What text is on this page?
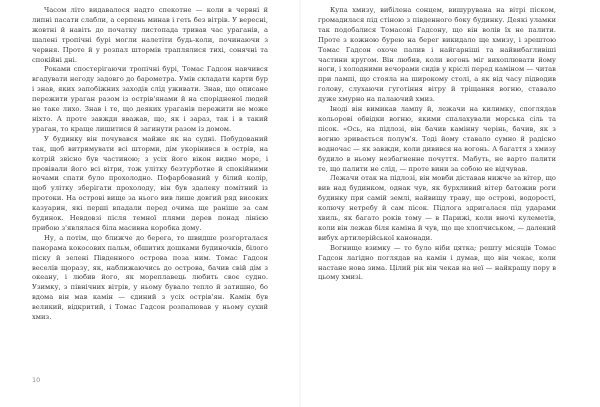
Часом літо видавалося надто спекотне — коли в червні й липні пасати слабли, а серпень минав і геть без вітрів. У вересні, жовтні й навіть до початку листопада тривав час ураганів, а шалені тропічні бурі могли налетіти будь-коли, починаючи з червня. Проте й у розпал штормів траплялися тихі, сонячні та спокійні дні.

Роками спостерігаючи тропічні бурі, Томас Гадсон навчився вгадувати негоду задовго до барометра. Умів складати карти бур і знав, яких запобіжних заходів слід уживати. Знав, що описане пережити ураган разом із острів'янами й на спорідненої людей не таке лихо. Знав і те, що деяких ураганів пережити не може ніхто. А проте завжди вважав, що, як і зараз, так і в такий ураган, то краще лишитися й загинути разом із домом.

У будинку він почувався майже як на судні. Побудований так, щоб витримувати всі шторми, дім укорінився в острів, на котрій звісно був частиною; з усіх його вікон видно море, і провівали його всі вітри, тож улітку безтурботне й спокійними ночами спати було прохолодно. Пофарбований у білий колір, щоб улітку зберігати прохолоду, він був здалеку помітний із протоки. На острові вище за нього вив лише довгий ряд високих казуарин, які перші впадали перед очима ще раніше за сам будинок. Невдовзі після темної плями дерев понад лінією прибою з'являлася біла масивна коробка дому.

Ну, а потім, що ближче до берега, то швидше розгорталася панорама кокосових пальм, обшитих дошками будиночків, білого піску й зелені Південного острова поза ним. Томас Гадсон веселів щоразу, як, наближаючись до острова, бачив свій дім з океану, і любив його, як мореплавець любить своє судно. Узимку, з північних вітрів, у ньому бувало тепло й затишно, бо вдома він мав камін — єдиний з усіх острів'ян. Камін був великий, відкритий, і Томас Гадсон розпалював у ньому сухий хмиз.

Купа хмизу, вибілена сонцем, вишурувана на вітрі піском, громадилася під стіною з південного боку будинку. Деякі уламки так подобалися Томасові Гадсону, що він волів їх не палити. Проте з кожною бурею на берег викидало ще хмизу, і зрештою Томас Гадсон охоче палив і найгарніші та найвибагливіші частини кругом. Він любив, коли вогонь міг вихоплювати йому ноги, і холодними вечорами сидів у кріслі перед каміном — читав при лампі, що стояла на широкому столі, а як від часу підводив голову, слухаючи гуготіння вітру й тріщання вогню, ставало дуже хмурно на палаючий хмиз.

Іноді він вимикав лампу й, лежачи на килимку, споглядав кольорові обвідки вогню, якими спалахували морська сіль та пісок. «Ось, на підлозі, він бачив камінну черінь, бачив, як з вогню зривається полум'я. Тоді йому ставало сумно й радісно водночас — як завжди, коли дивився на вогонь. А багаття з хмизу будило в ньому незбагненне почуття. Мабуть, не варто палити те, що палити не слід, — проте вини за собою не відчував.

Лежачи отак на підлозі, він мовби діставав нижче за вітер, що вив над будинком, однак чув, як бурхливий вітер батожив роги будинку при самій землі, найвищу траву, ще острові, водорості, колючу нетребу й сам пісок. Підлога здригалася під ударами хвиль, як багато років тому — в Парижі, коли вночі кулеметів, коли він лежав біля каміна й чув, що ще хлопчиськом, — далекий вибух артилерійської канонади.

Вогнище взимку — то було ніби цятка; решту місяців Томас Гадсон лагідно поглядав на камін і думав, що він чекає, коли настане нова зима. Цілий рік він чекав на неї — найкращу пору в цьому хмизі.

10
